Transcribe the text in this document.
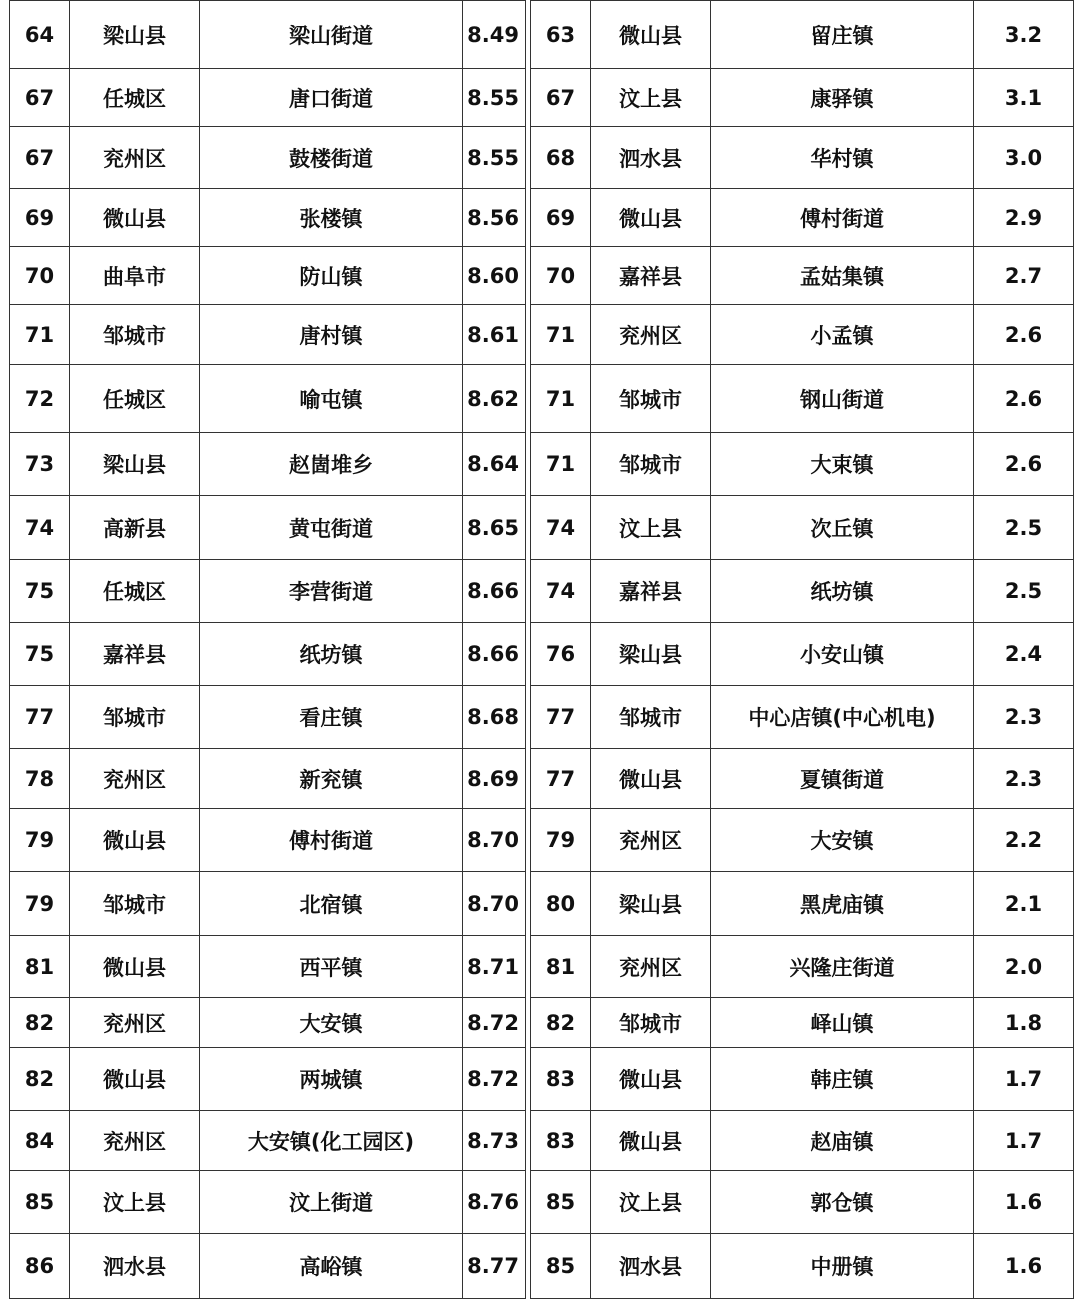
64	梁山县	梁山街道	8.49
67	任城区	唐口街道	8.55
67	兖州区	鼓楼街道	8.55
69	微山县	张楼镇	8.56
70	曲阜市	防山镇	8.60
71	邹城市	唐村镇	8.61
72	任城区	喻屯镇	8.62
73	梁山县	赵崮堆乡	8.64
74	高新县	黄屯街道	8.65
75	任城区	李营街道	8.66
75	嘉祥县	纸坊镇	8.66
77	邹城市	看庄镇	8.68
78	兖州区	新兖镇	8.69
79	微山县	傅村街道	8.70
79	邹城市	北宿镇	8.70
81	微山县	西平镇	8.71
82	兖州区	大安镇	8.72
82	微山县	两城镇	8.72
84	兖州区	大安镇(化工园区)	8.73
85	汶上县	汶上街道	8.76
86	泗水县	高峪镇	8.77
63	微山县	留庄镇	3.2
67	汶上县	康驿镇	3.1
68	泗水县	华村镇	3.0
69	微山县	傅村街道	2.9
70	嘉祥县	孟姑集镇	2.7
71	兖州区	小孟镇	2.6
71	邹城市	钢山街道	2.6
71	邹城市	大束镇	2.6
74	汶上县	次丘镇	2.5
74	嘉祥县	纸坊镇	2.5
76	梁山县	小安山镇	2.4
77	邹城市	中心店镇(中心机电)	2.3
77	微山县	夏镇街道	2.3
79	兖州区	大安镇	2.2
80	梁山县	黑虎庙镇	2.1
81	兖州区	兴隆庄街道	2.0
82	邹城市	峄山镇	1.8
83	微山县	韩庄镇	1.7
83	微山县	赵庙镇	1.7
85	汶上县	郭仓镇	1.6
85	泗水县	中册镇	1.6
